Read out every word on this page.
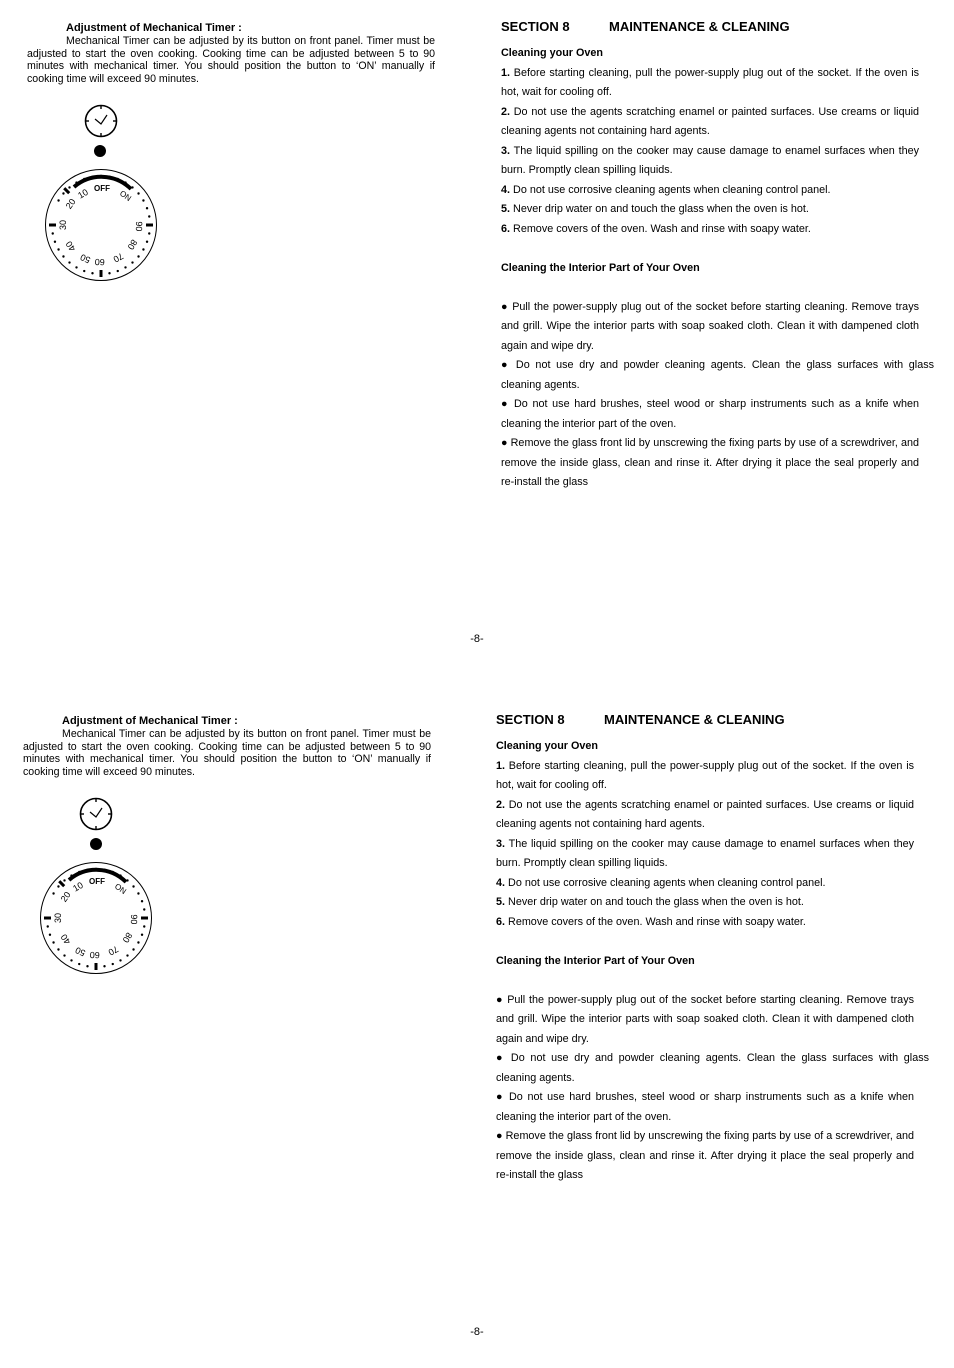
Adjustment of Mechanical Timer :

Mechanical Timer can be adjusted by its button on front panel. Timer must be adjusted to start the oven cooking. Cooking time can be adjusted between 5 to 90 minutes with mechanical timer. You should position the button to ‘ON’ manually if cooking time will exceed 90 minutes.

OFF
ON
10
20
30
40
50 60 70
80
90
SECTION 8	MAINTENANCE & CLEANING
Cleaning your Oven

1. Before starting cleaning, pull the power-supply plug out of the socket. If the oven is hot, wait for cooling off.

2. Do not use the agents scratching enamel or painted surfaces. Use creams or liquid cleaning agents not containing hard agents.

3. The liquid spilling on the cooker may cause damage to enamel surfaces when they burn. Promptly clean spilling liquids.

4. Do not use corrosive cleaning agents when cleaning control panel.

5. Never drip water on and touch the glass when the oven is hot.

6. Remove covers of the oven. Wash and rinse with soapy water.

Cleaning the Interior Part of Your Oven

● Pull the power-supply plug out of the socket before starting cleaning. Remove trays and grill. Wipe the interior parts with soap soaked cloth. Clean it with dampened cloth again and wipe dry.

● Do not use dry and powder cleaning agents. Clean the glass surfaces with glass cleaning agents.

● Do not use hard brushes, steel wood or sharp instruments such as a knife when cleaning the interior part of the oven.

● Remove the glass front lid by unscrewing the fixing parts by use of a screwdriver, and remove the inside glass, clean and rinse it. After drying it place the seal properly and re-install the glass

-8-
Adjustment of Mechanical Timer :

Mechanical Timer can be adjusted by its button on front panel. Timer must be adjusted to start the oven cooking. Cooking time can be adjusted between 5 to 90 minutes with mechanical timer. You should position the button to ‘ON’ manually if cooking time will exceed 90 minutes.

OFF
ON
10
20
30
40
50 60 70
80
90
SECTION 8	MAINTENANCE & CLEANING
Cleaning your Oven

1. Before starting cleaning, pull the power-supply plug out of the socket. If the oven is hot, wait for cooling off.

2. Do not use the agents scratching enamel or painted surfaces. Use creams or liquid cleaning agents not containing hard agents.

3. The liquid spilling on the cooker may cause damage to enamel surfaces when they burn. Promptly clean spilling liquids.

4. Do not use corrosive cleaning agents when cleaning control panel.

5. Never drip water on and touch the glass when the oven is hot.

6. Remove covers of the oven. Wash and rinse with soapy water.

Cleaning the Interior Part of Your Oven

● Pull the power-supply plug out of the socket before starting cleaning. Remove trays and grill. Wipe the interior parts with soap soaked cloth. Clean it with dampened cloth again and wipe dry.

● Do not use dry and powder cleaning agents. Clean the glass surfaces with glass cleaning agents.

● Do not use hard brushes, steel wood or sharp instruments such as a knife when cleaning the interior part of the oven.

● Remove the glass front lid by unscrewing the fixing parts by use of a screwdriver, and remove the inside glass, clean and rinse it. After drying it place the seal properly and re-install the glass

-8-
